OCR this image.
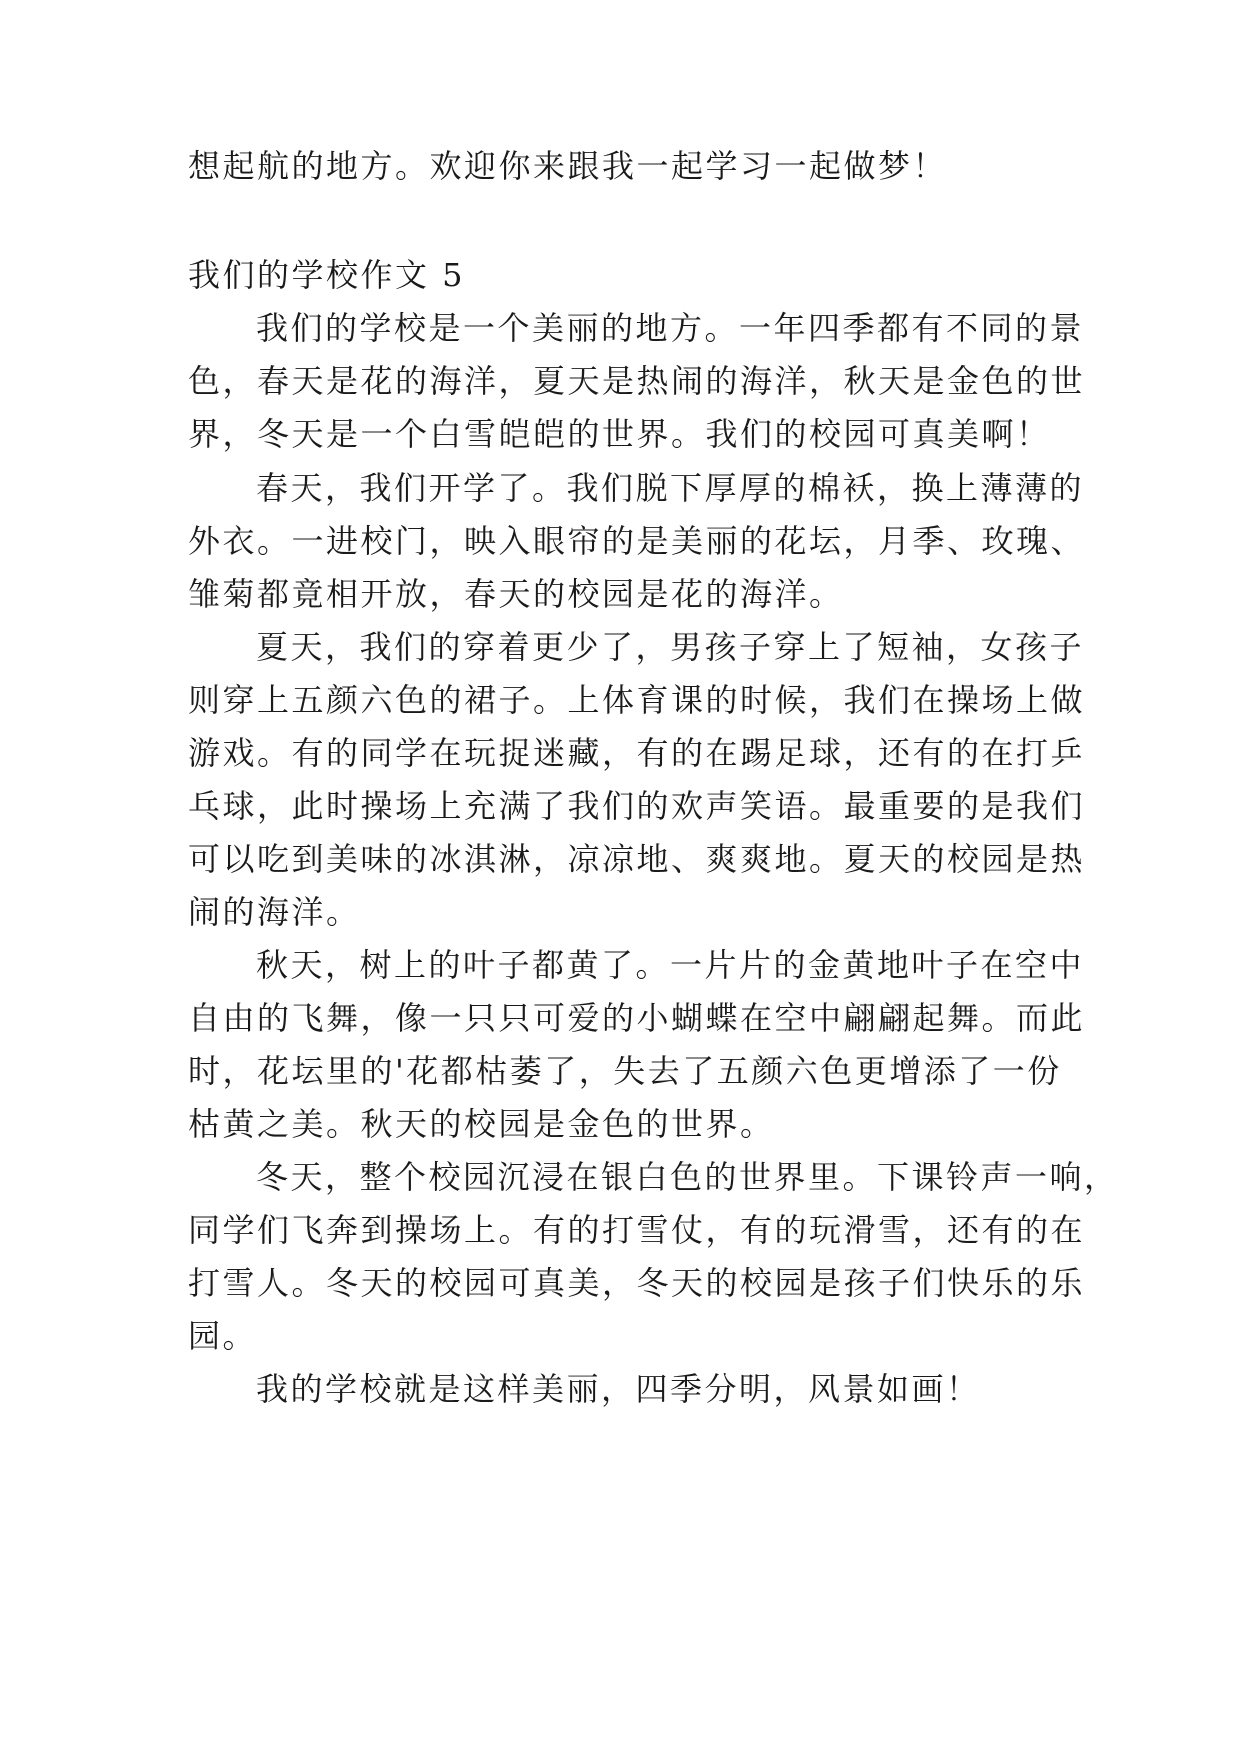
想起航的地方。欢迎你来跟我一起学习一起做梦！
我们的学校作文 5
我们的学校是一个美丽的地方。一年四季都有不同的景
色，春天是花的海洋，夏天是热闹的海洋，秋天是金色的世
界，冬天是一个白雪皑皑的世界。我们的校园可真美啊！
春天，我们开学了。我们脱下厚厚的棉袄，换上薄薄的
外衣。一进校门，映入眼帘的是美丽的花坛，月季、玫瑰、
雏菊都竟相开放，春天的校园是花的海洋。
夏天，我们的穿着更少了，男孩子穿上了短袖，女孩子
则穿上五颜六色的裙子。上体育课的时候，我们在操场上做
游戏。有的同学在玩捉迷藏，有的在踢足球，还有的在打乒
乓球，此时操场上充满了我们的欢声笑语。最重要的是我们
可以吃到美味的冰淇淋，凉凉地、爽爽地。夏天的校园是热
闹的海洋。
秋天，树上的叶子都黄了。一片片的金黄地叶子在空中
自由的飞舞，像一只只可爱的小蝴蝶在空中翩翩起舞。而此
时，花坛里的'花都枯萎了，失去了五颜六色更增添了一份
枯黄之美。秋天的校园是金色的世界。
冬天，整个校园沉浸在银白色的世界里。下课铃声一响，
同学们飞奔到操场上。有的打雪仗，有的玩滑雪，还有的在
打雪人。冬天的校园可真美，冬天的校园是孩子们快乐的乐
园。
我的学校就是这样美丽，四季分明，风景如画！
